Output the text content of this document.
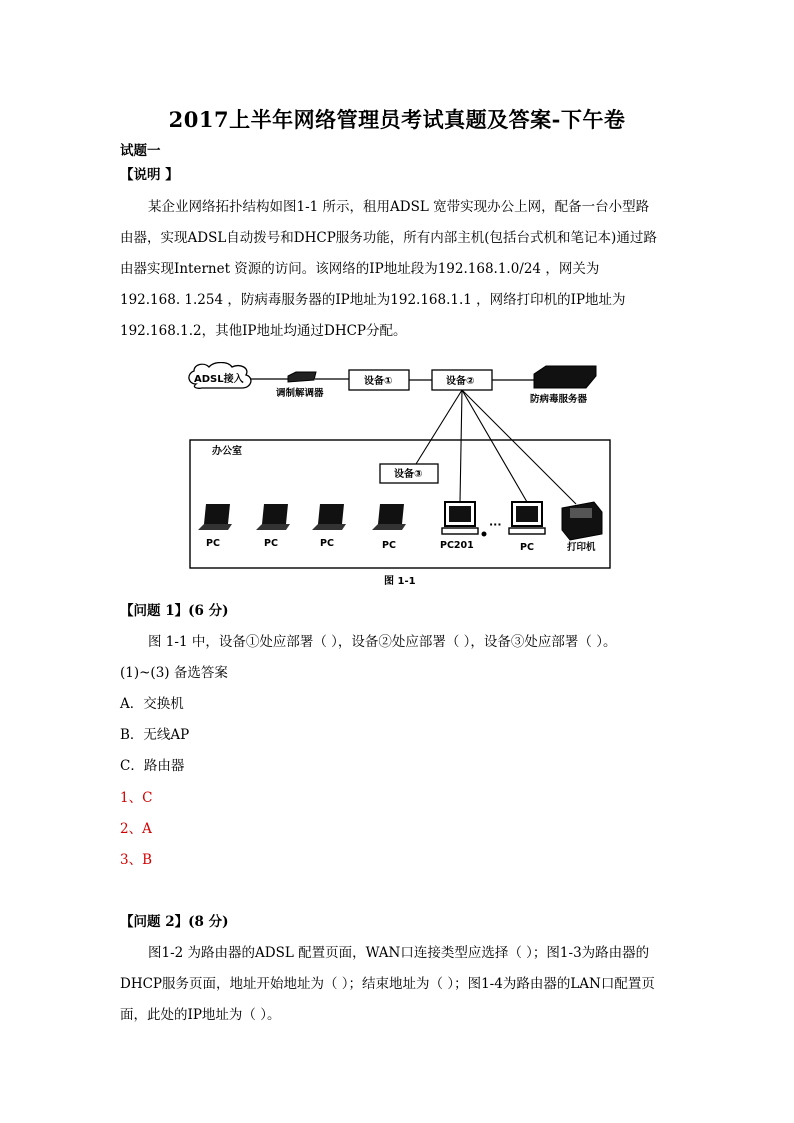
2017上半年网络管理员考试真题及答案-下午卷
试题一
【说明 】
某企业网络拓扑结构如图1-1 所示，租用ADSL 宽带实现办公上网，配备一台小型路
由器，实现ADSL自动拨号和DHCP服务功能，所有内部主机(包括台式机和笔记本)通过路
由器实现Internet 资源的访问。该网络的IP地址段为192.168.1.0/24 ，网关为
192.168. 1.254 ，防病毒服务器的IP地址为192.168.1.1 ，网络打印机的IP地址为
192.168.1.2，其他IP地址均通过DHCP分配。
ADSL接入
调制解调器
设备①	设备②
防病毒服务器
办公室
设备③
PC	PC	PC	PC	PC201
···
PC	打印机
图 1-1
【问题 1】(6 分)
图 1-1 中，设备①处应部署（ ），设备②处应部署（ ），设备③处应部署（ ）。
(1)~(3) 备选答案
A．交换机
B．无线AP
C．路由器
1、C
2、A
3、B
【问题 2】(8 分)
图1-2 为路由器的ADSL 配置页面，WAN口连接类型应选择（ ）；图1-3为路由器的
DHCP服务页面，地址开始地址为（ ）；结束地址为（ ）；图1-4为路由器的LAN口配置页
面，此处的IP地址为（ ）。
